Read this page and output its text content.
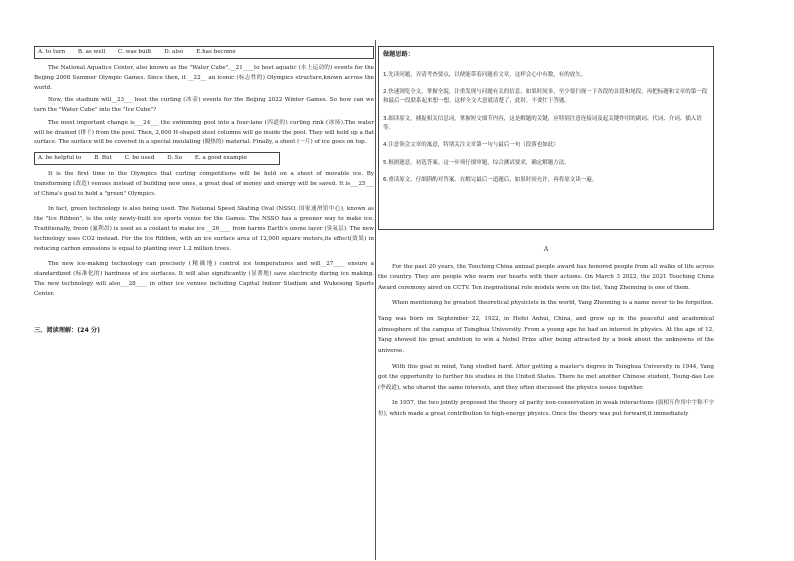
A. to turn B. as well C. was built D. also E.has become

The National Aquatics Center, also known as the "Water Cube",__21____to host aquatic (水上运动的) events for the Beijing 2008 Summer Olympic Games. Since then, it __22__ an iconic (标志性的) Olympics structure,known across the world.

Now, the stadium will__23___ host the curling (冰壶) events for the Beijing 2022 Winter Games. So how can we turn the "Water Cube" into the "Ice Cube"?

The most important change is___24___ the swimming pool into a four-lane (四道的) curling rink (冰场).The water will be drained (排干) from the pool. Then, 2,600 H-shaped steel columns will go inside the pool. They will hold up a flat surface. The surface will be covered in a special insulating (隔热的) material. Finally, a sheet (一片) of ice goes on top.

A. be helpful to B. But C. be used D. So E. a good example

It is the first time in the Olympics that curling competitions will be held on a sheet of movable ice. By transforming (改造) venues instead of building new ones, a great deal of money and energy will be saved. It is___25___ of China's goal to hold a "green" Olympics.

In fact, green technology is also being used. The National Speed Skating Oval (NSSO, 国家速滑馆中心), known as the "Ice Ribbon", is the only newly-built ice sports venue for the Games. The NSSO has a greener way to make ice. Traditionally, freon (氟利昂) is used as a coolant to make ice __26____ from harms Earth's ozone layer (臭氧层). The new technology uses CO2 instead. For the Ice Ribbon, with an ice surface area of 12,000 square meters,its effect(效果) in reducing carbon emissions is equal to planting over 1.2 million trees.

The new ice-making technology can precisely (精确地) control ice temperatures and will__27____ ensure a standardized (标准化的) hardness of ice surfaces. It will also significantly (显著地) save electricity during ice making. The new technology will also___28____ in other ice venues including Capital Indoor Stadium and Wukesong Sports Center.

三、阅读理解：(24 分)
做题思路：
1.先读问题，弄清考查要点，以便能带着问题看文章，这样会心中有数，有的放矢。
2.快速浏览全文，掌握全貌，注重发现与问题有关的信息，如果时间多，至少要扫视一下各段的首段和尾段。再把标题和文章的第一段和最后一段联系起来想一想，这样全文大意就清楚了，此时，不要忙于答题。
3.细读原文，捕捉相关信息词，掌握短文细节内容，这是解题的关键，应特别注意连接词及起关键作用的副词、代词、介词、插入语等。
4.注意领会文章的寓意，特别关注文章第一句与最后一句（段落也如此）
5.根据题意，初选答案。这一步须仔细审题，综合测试要求，确定解题方法。
6.重读原文，仔细斟酌对答案。在解完最后一道题后，如果时间允许，再将原文读一遍。
A

For the past 20 years, the Touching China annual people award has honored people from all walks of life across the country. They are people who warm our hearts with their actions. On March 3 2022, the 2021 Touching China Award ceremony aired on CCTV. Ten inspirational role models were on the list, Yang Zhenning is one of them.

When mentioning he greatest theoretical physicists in the world, Yang Zhenning is a name never to be forgotten.

Yang was born on September 22, 1922, in Hefei Anhui, China, and grew up in the peaceful and academical atmosphere of the campus of Tsinghua University. From a young age he had an interest in physics. At the age of 12, Yang showed his great ambition to win a Nobel Prize after being attracted by a book about the unknowns of the universe.

With this goal in mind, Yang studied hard. After getting a master's degree in Tsinghua University in 1944, Yang got the opportunity to further his studies in the United States. There he met another Chinese student, Tsung-dao Lee (李政道), who shared the same interests, and they often discussed the physics issues together.

In 1957, the two jointly proposed the theory of parity non-conservation in weak interactions (弱相互作用中宇称不守恒), which made a great contribution to high-energy physics. Once the theory was put forward,it immediately
